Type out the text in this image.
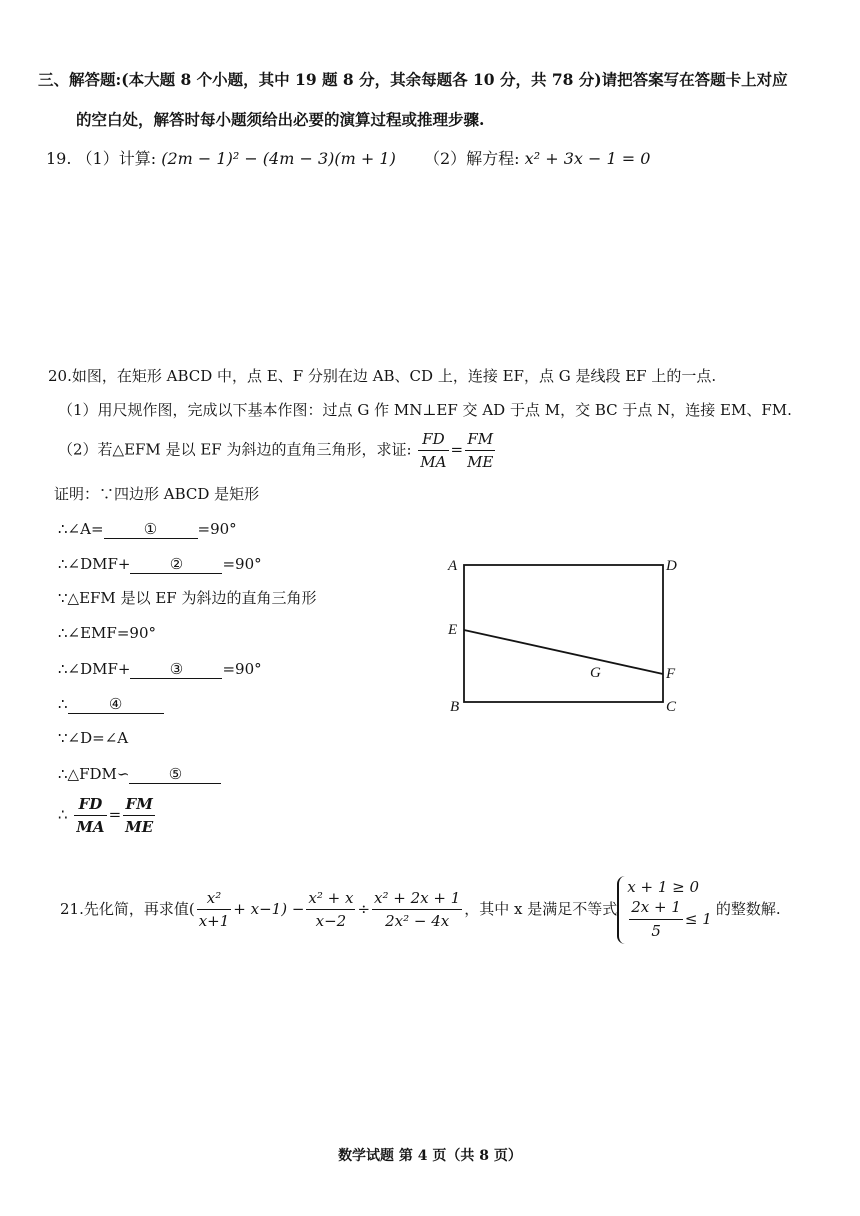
三、解答题:(本大题 8 个小题，其中 19 题 8 分，其余每题各 10 分，共 78 分)请把答案写在答题卡上对应
的空白处，解答时每小题须给出必要的演算过程或推理步骤.
19. （1）计算: (2m − 1)² − (4m − 3)(m + 1) （2）解方程: x² + 3x − 1 = 0
20.如图，在矩形 ABCD 中，点 E、F 分别在边 AB、CD 上，连接 EF，点 G 是线段 EF 上的一点.
（1）用尺规作图，完成以下基本作图：过点 G 作 MN⊥EF 交 AD 于点 M，交 BC 于点 N，连接 EM、FM.
（2）若△EFM 是以 EF 为斜边的直角三角形，求证: $\frac{FD}{MA} = \frac{FM}{ME}$
证明：∵四边形 ABCD 是矩形
∴∠A=	①	=90°
∴∠DMF+	②	=90°
∵△EFM 是以 EF 为斜边的直角三角形
∴∠EMF=90°
∴∠DMF+	③	=90°
∴	④
∵∠D=∠A
∴△FDM∽	⑤
∴ $\frac{FD}{MA} = \frac{FM}{ME}$
A	D
E
G	F
B	C
21.先化简，再求值( $\frac{\text{x²}}{x+1} + x-1) - \frac{\text{x² + x}}{x-2} \div \frac{\text{x² + 2x + 1}}{\text{2x² − 4x}}$ ，其中 x 是满足不等式
x + 1 ≥ 0
$\frac{2x + 1}{5} \le 1$
的整数解.
数学试题 第 4 页（共 8 页）
